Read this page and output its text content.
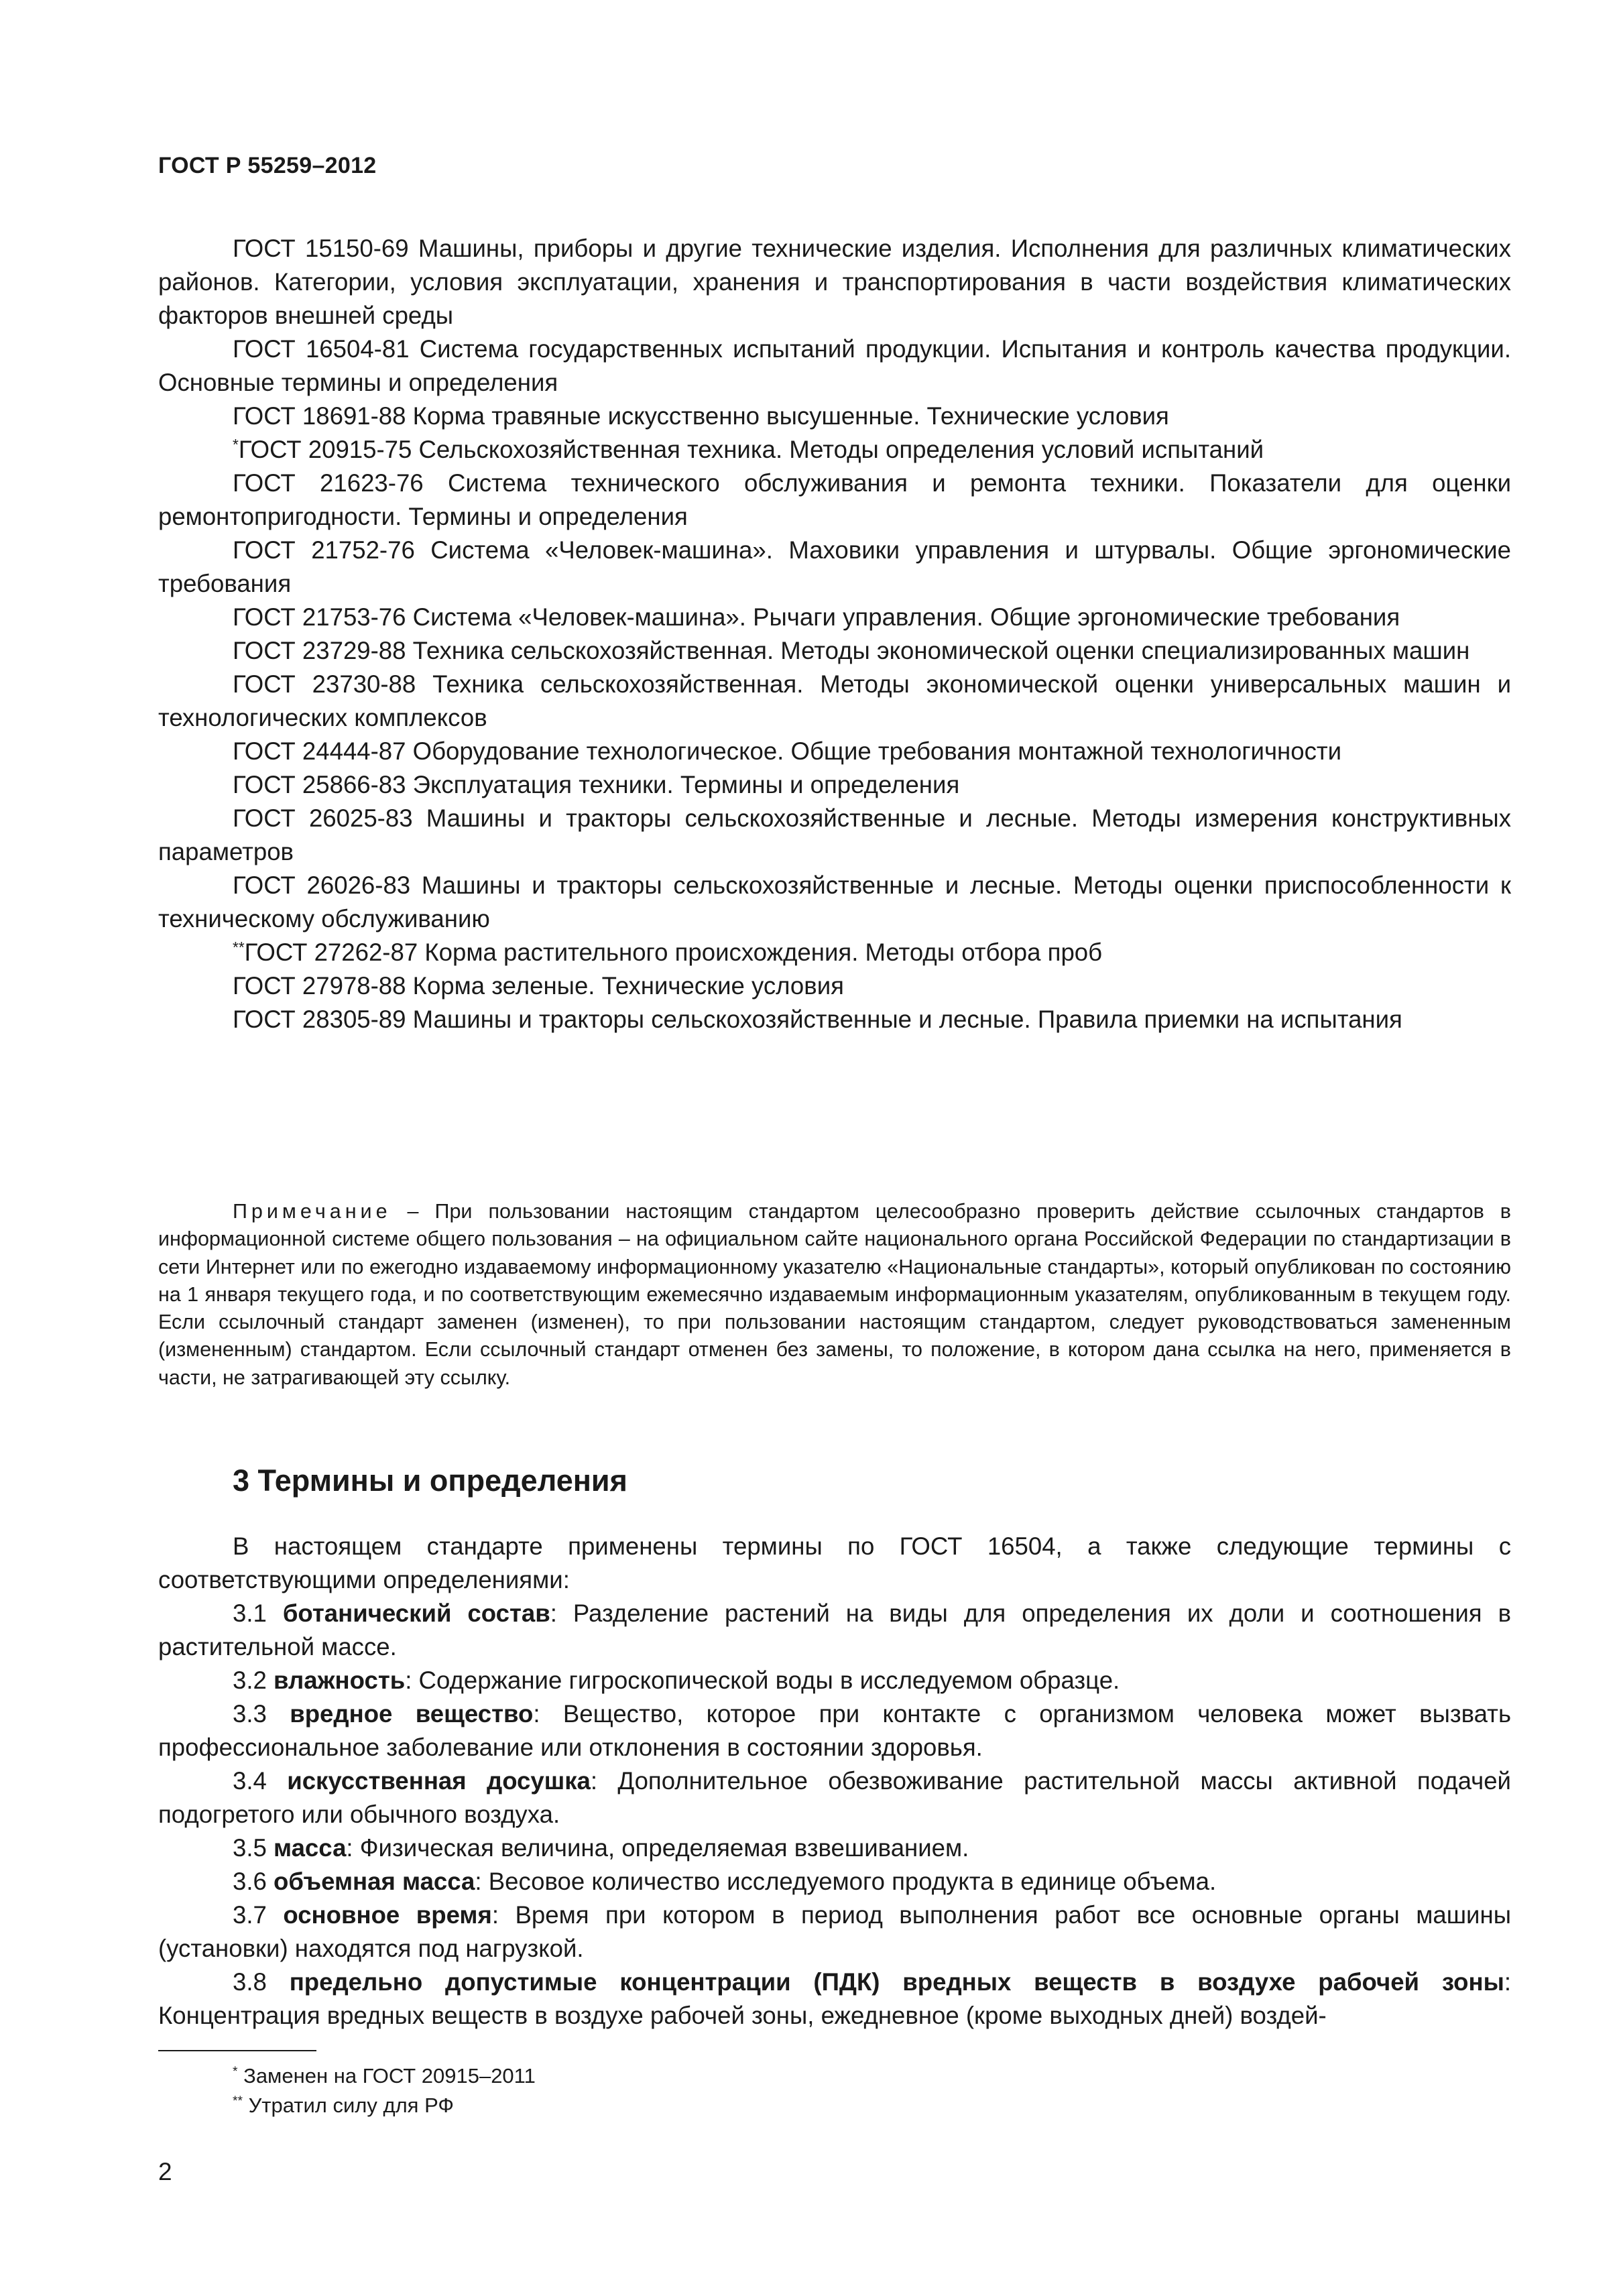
ГОСТ Р 55259–2012

ГОСТ 15150-69 Машины, приборы и другие технические изделия. Исполнения для различных климатических районов. Категории, условия эксплуатации, хранения и транспортирования в части воздействия климатических факторов внешней среды

ГОСТ 16504-81 Система государственных испытаний продукции. Испытания и контроль качества продукции. Основные термины и определения

ГОСТ 18691-88 Корма травяные искусственно высушенные. Технические условия

*ГОСТ 20915-75 Сельскохозяйственная техника. Методы определения условий испытаний

ГОСТ 21623-76 Система технического обслуживания и ремонта техники. Показатели для оценки ремонтопригодности. Термины и определения

ГОСТ 21752-76 Система «Человек-машина». Маховики управления и штурвалы. Общие эргономические требования

ГОСТ 21753-76 Система «Человек-машина». Рычаги управления. Общие эргономические требования

ГОСТ 23729-88 Техника сельскохозяйственная. Методы экономической оценки специализированных машин

ГОСТ 23730-88 Техника сельскохозяйственная. Методы экономической оценки универсальных машин и технологических комплексов

ГОСТ 24444-87 Оборудование технологическое. Общие требования монтажной технологичности

ГОСТ 25866-83 Эксплуатация техники. Термины и определения

ГОСТ 26025-83 Машины и тракторы сельскохозяйственные и лесные. Методы измерения конструктивных параметров

ГОСТ 26026-83 Машины и тракторы сельскохозяйственные и лесные. Методы оценки приспособленности к техническому обслуживанию

**ГОСТ 27262-87 Корма растительного происхождения. Методы отбора проб

ГОСТ 27978-88 Корма зеленые. Технические условия

ГОСТ 28305-89 Машины и тракторы сельскохозяйственные и лесные. Правила приемки на испытания

Примечание – При пользовании настоящим стандартом целесообразно проверить действие ссылочных стандартов в информационной системе общего пользования – на официальном сайте национального органа Российской Федерации по стандартизации в сети Интернет или по ежегодно издаваемому информационному указателю «Национальные стандарты», который опубликован по состоянию на 1 января текущего года, и по соответствующим ежемесячно издаваемым информационным указателям, опубликованным в текущем году. Если ссылочный стандарт заменен (изменен), то при пользовании настоящим стандартом, следует руководствоваться замененным (измененным) стандартом. Если ссылочный стандарт отменен без замены, то положение, в котором дана ссылка на него, применяется в части, не затрагивающей эту ссылку.

3 Термины и определения

В настоящем стандарте применены термины по ГОСТ 16504, а также следующие термины с соответствующими определениями:

3.1 ботанический состав: Разделение растений на виды для определения их доли и соотношения в растительной массе.

3.2 влажность: Содержание гигроскопической воды в исследуемом образце.

3.3 вредное вещество: Вещество, которое при контакте с организмом человека может вызвать профессиональное заболевание или отклонения в состоянии здоровья.

3.4 искусственная досушка: Дополнительное обезвоживание растительной массы активной подачей подогретого или обычного воздуха.

3.5 масса: Физическая величина, определяемая взвешиванием.

3.6 объемная масса: Весовое количество исследуемого продукта в единице объема.

3.7 основное время: Время при котором в период выполнения работ все основные органы машины (установки) находятся под нагрузкой.

3.8 предельно допустимые концентрации (ПДК) вредных веществ в воздухе рабочей зоны: Концентрация вредных веществ в воздухе рабочей зоны, ежедневное (кроме выходных дней) воздей-

* Заменен на ГОСТ 20915–2011
** Утратил силу для РФ
2
